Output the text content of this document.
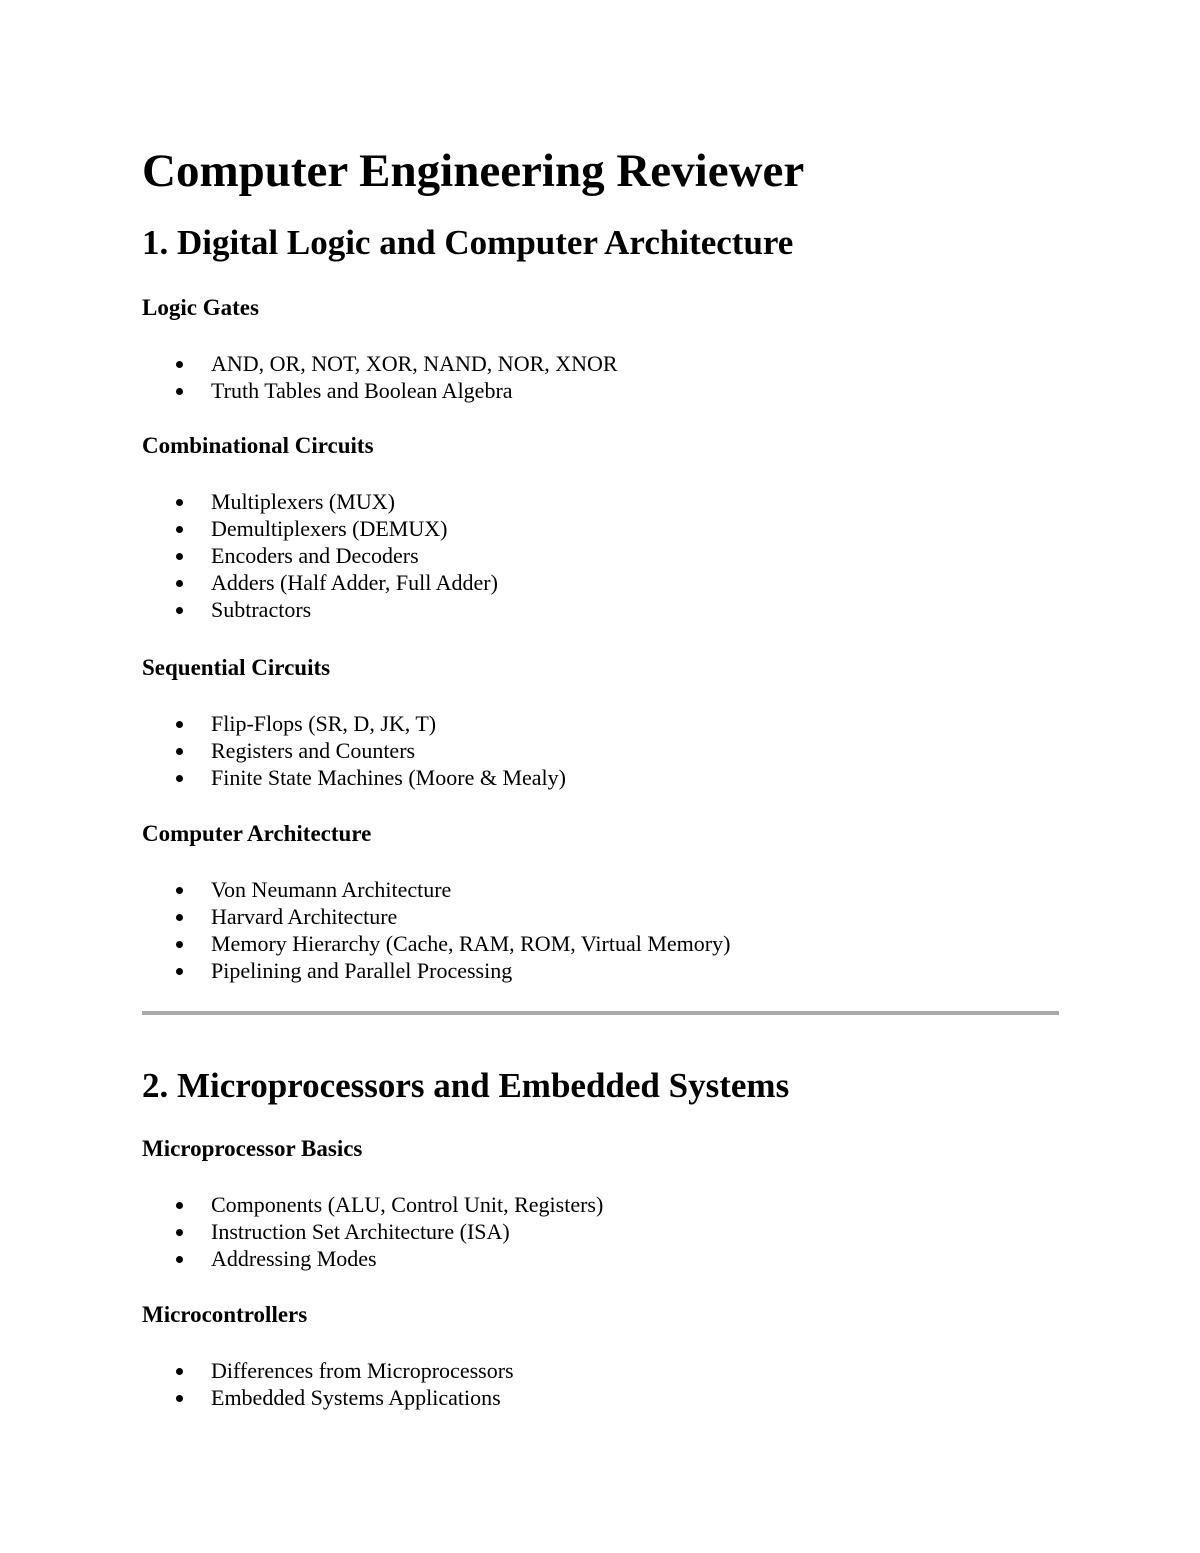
Computer Engineering Reviewer
1. Digital Logic and Computer Architecture
Logic Gates
AND, OR, NOT, XOR, NAND, NOR, XNOR
Truth Tables and Boolean Algebra
Combinational Circuits
Multiplexers (MUX)
Demultiplexers (DEMUX)
Encoders and Decoders
Adders (Half Adder, Full Adder)
Subtractors
Sequential Circuits
Flip-Flops (SR, D, JK, T)
Registers and Counters
Finite State Machines (Moore & Mealy)
Computer Architecture
Von Neumann Architecture
Harvard Architecture
Memory Hierarchy (Cache, RAM, ROM, Virtual Memory)
Pipelining and Parallel Processing
2. Microprocessors and Embedded Systems
Microprocessor Basics
Components (ALU, Control Unit, Registers)
Instruction Set Architecture (ISA)
Addressing Modes
Microcontrollers
Differences from Microprocessors
Embedded Systems Applications
